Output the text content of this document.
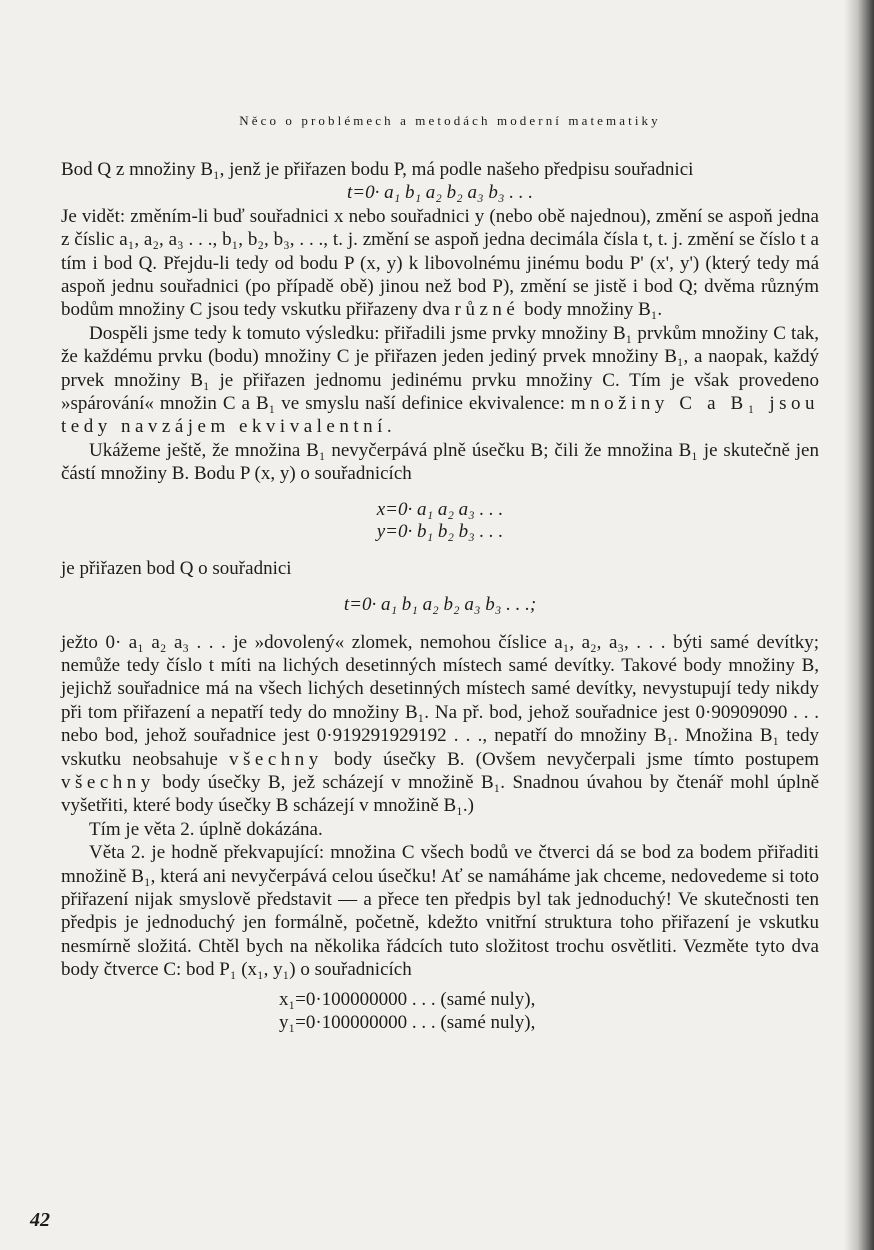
Něco o problémech a metodách moderní matematiky

Bod Q z množiny B₁, jenž je přiřazen bodu P, má podle našeho předpisu souřadnici

t=0· a₁ b₁ a₂ b₂ a₃ b₃ . . .

Je vidět: změním-li buď souřadnici x nebo souřadnici y (nebo obě najednou), změní se aspoň jedna z číslic a₁, a₂, a₃ . . ., b₁, b₂, b₃, . . ., t. j. změní se aspoň jedna decimála čísla t, t. j. změní se číslo t a tím i bod Q. Přejdu-li tedy od bodu P (x, y) k libovolnému jinému bodu P' (x', y') (který tedy má aspoň jednu souřadnici (po případě obě) jinou než bod P), změní se jistě i bod Q; dvěma různým bodům množiny C jsou tedy vskutku přiřazeny dva různé body množiny B₁.

Dospěli jsme tedy k tomuto výsledku: přiřadili jsme prvky množiny B₁ prvkům množiny C tak, že každému prvku (bodu) množiny C je přiřazen jeden jediný prvek množiny B₁, a naopak, každý prvek množiny B₁ je přiřazen jednomu jedinému prvku množiny C. Tím je však provedeno »spárování« množin C a B₁ ve smyslu naší definice ekvivalence: množiny C a B₁ jsou tedy navzájem ekvivalentní.

Ukážeme ještě, že množina B₁ nevyčerpává plně úsečku B; čili že množina B₁ je skutečně jen částí množiny B. Bodu P (x, y) o souřadnicích

x=0· a₁ a₂ a₃ . . .
y=0· b₁ b₂ b₃ . . .

je přiřazen bod Q o souřadnici

t=0· a₁ b₁ a₂ b₂ a₃ b₃ . . .;

ježto 0· a₁ a₂ a₃ . . . je »dovolený« zlomek, nemohou číslice a₁, a₂, a₃, . . . býti samé devítky; nemůže tedy číslo t míti na lichých desetinných místech samé devítky. Takové body množiny B, jejichž souřadnice má na všech lichých desetinných místech samé devítky, nevystupují tedy nikdy při tom přiřazení a nepatří tedy do množiny B₁. Na př. bod, jehož souřadnice jest 0·90909090 . . . nebo bod, jehož souřadnice jest 0·919291929192 . . ., nepatří do množiny B₁. Množina B₁ tedy vskutku neobsahuje všechny body úsečky B. (Ovšem nevyčerpali jsme tímto postupem všechny body úsečky B, jež scházejí v množině B₁. Snadnou úvahou by čtenář mohl úplně vyšetřiti, které body úsečky B scházejí v množině B₁.)

Tím je věta 2. úplně dokázána.

Věta 2. je hodně překvapující: množina C všech bodů ve čtverci dá se bod za bodem přiřaditi množině B₁, která ani nevyčerpává celou úsečku! Ať se namáháme jak chceme, nedovedeme si toto přiřazení nijak smyslově představit — a přece ten předpis byl tak jednoduchý! Ve skutečnosti ten předpis je jednoduchý jen formálně, početně, kdežto vnitřní struktura toho přiřazení je vskutku nesmírně složitá. Chtěl bych na několika řádcích tuto složitost trochu osvětliti. Vezměte tyto dva body čtverce C: bod P₁ (x₁, y₁) o souřadnicích

x₁=0·100000000 . . . (samé nuly),
y₁=0·100000000 . . . (samé nuly),

42
